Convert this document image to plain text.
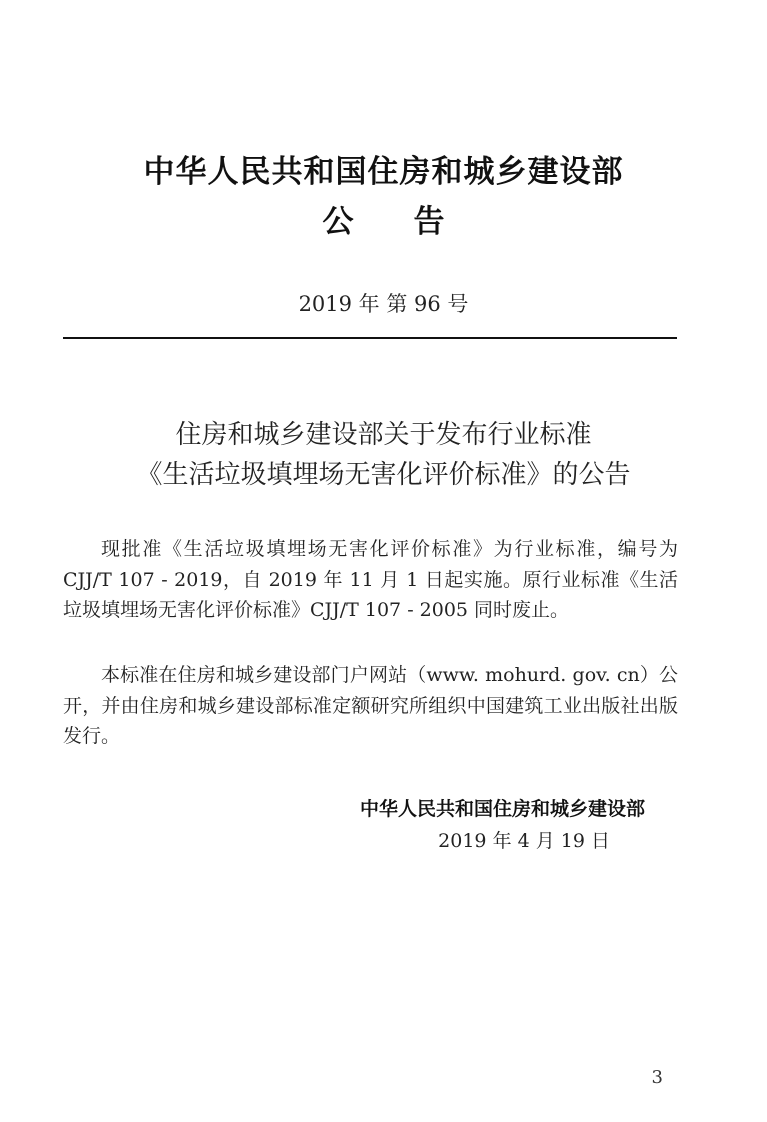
中华人民共和国住房和城乡建设部
公告
2019 年 第 96 号
住房和城乡建设部关于发布行业标准
《生活垃圾填埋场无害化评价标准》的公告

现批准《生活垃圾填埋场无害化评价标准》为行业标准，编号为 CJJ/T 107 - 2019，自 2019 年 11 月 1 日起实施。原行业标准《生活垃圾填埋场无害化评价标准》CJJ/T 107 - 2005 同时废止。

本标准在住房和城乡建设部门户网站（www. mohurd. gov. cn）公开，并由住房和城乡建设部标准定额研究所组织中国建筑工业出版社出版发行。

中华人民共和国住房和城乡建设部
2019 年 4 月 19 日
3
